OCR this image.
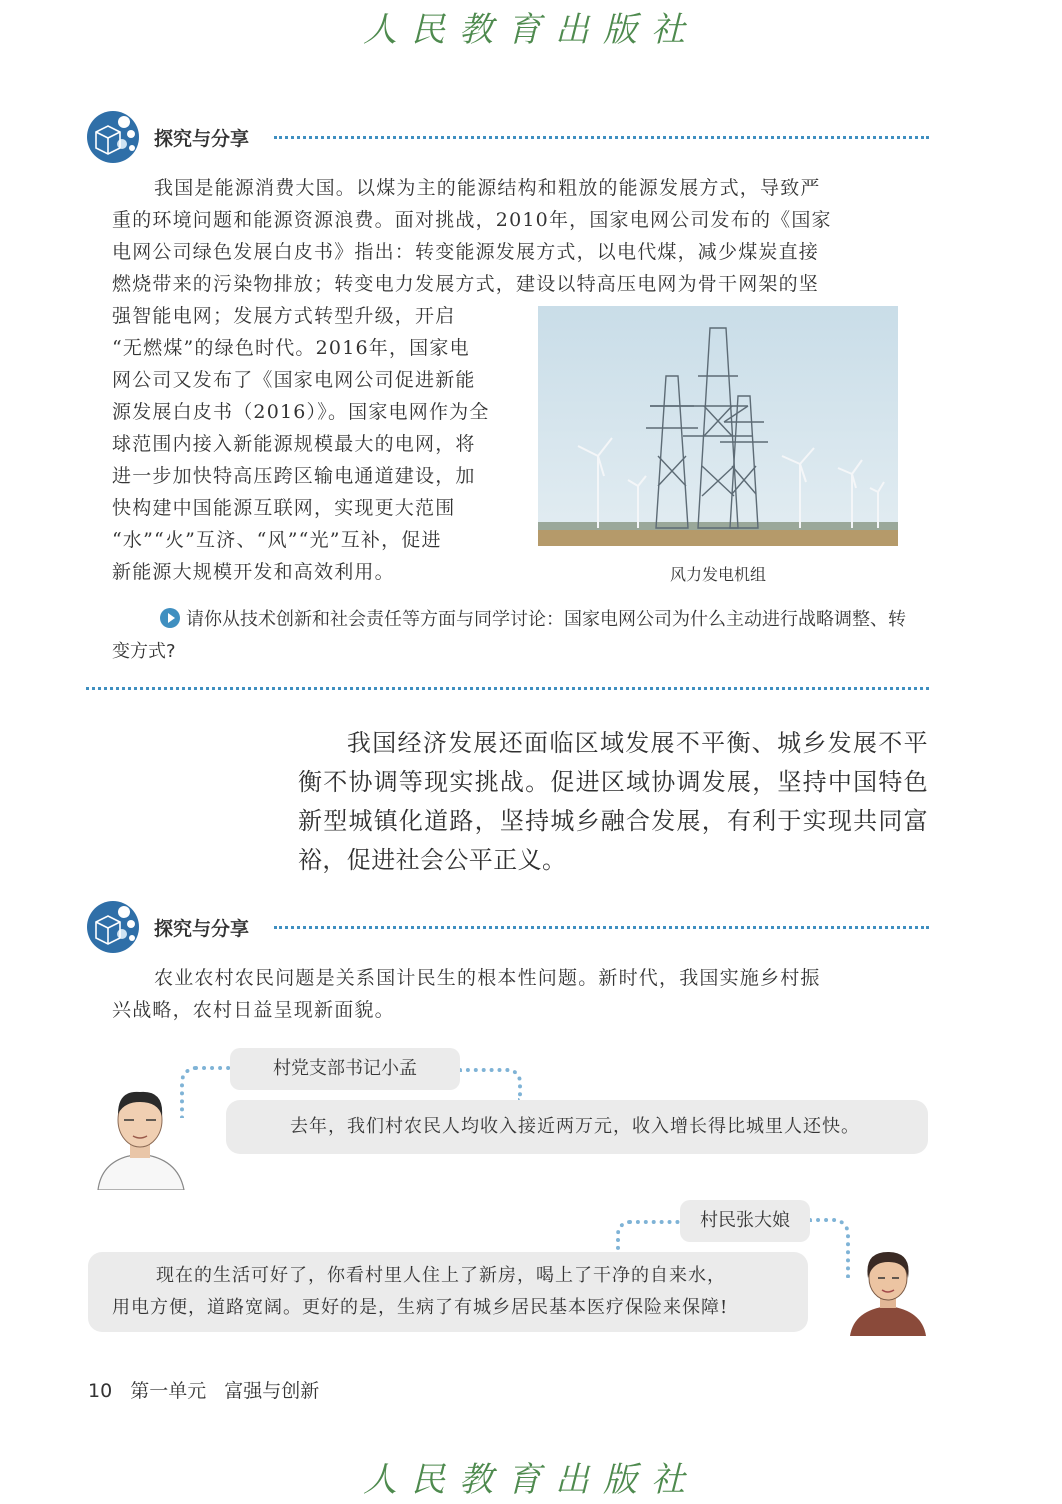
人民教育出版社
探究与分享
我国是能源消费大国。以煤为主的能源结构和粗放的能源发展方式，导致严
重的环境问题和能源资源浪费。面对挑战，2010年，国家电网公司发布的《国家
电网公司绿色发展白皮书》指出：转变能源发展方式，以电代煤，减少煤炭直接
燃烧带来的污染物排放；转变电力发展方式，建设以特高压电网为骨干网架的坚
强智能电网；发展方式转型升级，开启
“无燃煤”的绿色时代。2016年，国家电
网公司又发布了《国家电网公司促进新能
源发展白皮书（2016）》。国家电网作为全
球范围内接入新能源规模最大的电网，将
进一步加快特高压跨区输电通道建设，加
快构建中国能源互联网，实现更大范围
“水”“火”互济、“风”“光”互补，促进
新能源大规模开发和高效利用。	风力发电机组
请你从技术创新和社会责任等方面与同学讨论：国家电网公司为什么主动进行战略调整、转变方式?
我国经济发展还面临区域发展不平衡、城乡发展不平衡不协调等现实挑战。促进区域协调发展，坚持中国特色新型城镇化道路，坚持城乡融合发展，有利于实现共同富裕，促进社会公平正义。
探究与分享
农业农村农民问题是关系国计民生的根本性问题。新时代，我国实施乡村振
兴战略，农村日益呈现新面貌。
村党支部书记小孟
去年，我们村农民人均收入接近两万元，收入增长得比城里人还快。
村民张大娘
现在的生活可好了，你看村里人住上了新房，喝上了干净的自来水，
用电方便，道路宽阔。更好的是，生病了有城乡居民基本医疗保险来保障!
10 第一单元 富强与创新
人民教育出版社
